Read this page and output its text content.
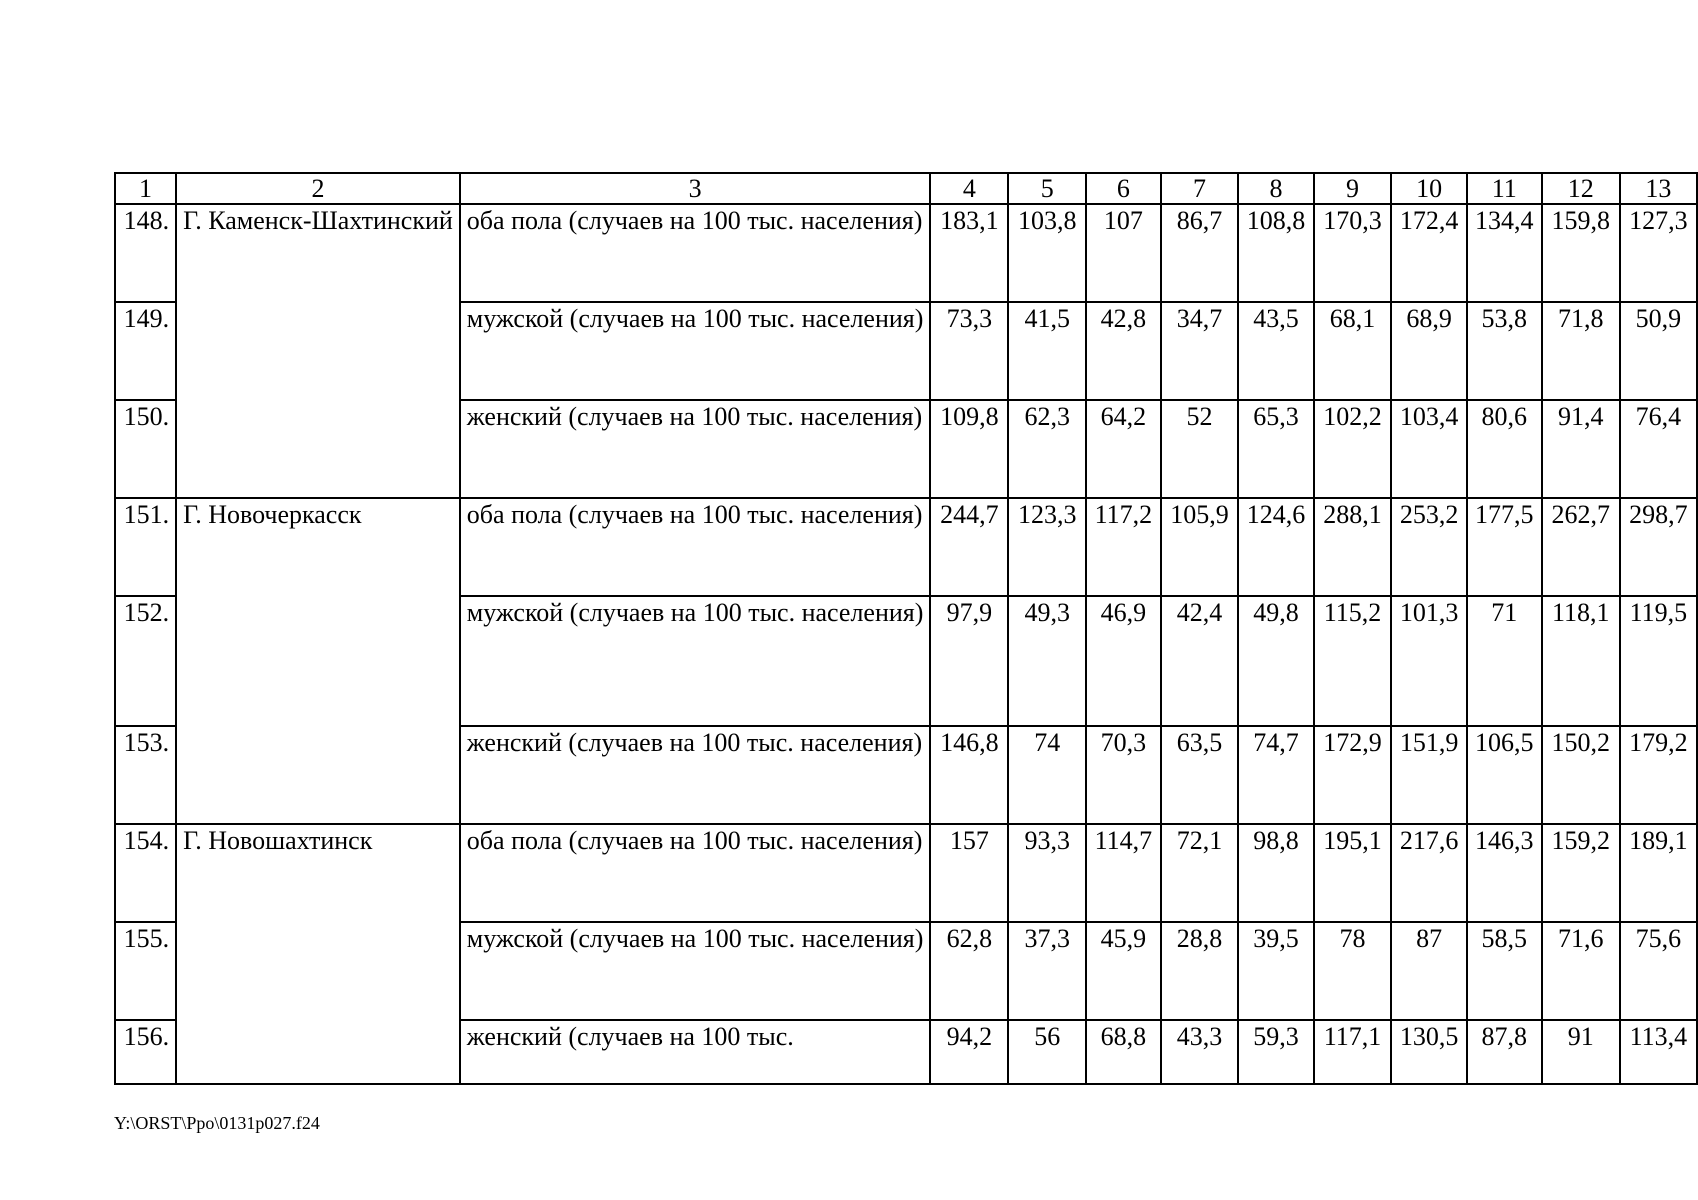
1	2	3	4	5	6	7	8	9	10	11	12	13
148.	Г. Каменск-Шахтинский	оба пола (случаев на 100 тыс. населения)	183,1	103,8	107	86,7	108,8	170,3	172,4	134,4	159,8	127,3
149.		мужской (случаев на 100 тыс. населения)	73,3	41,5	42,8	34,7	43,5	68,1	68,9	53,8	71,8	50,9
150.		женский (случаев на 100 тыс. населения)	109,8	62,3	64,2	52	65,3	102,2	103,4	80,6	91,4	76,4
151.	Г. Новочеркасск	оба пола (случаев на 100 тыс. населения)	244,7	123,3	117,2	105,9	124,6	288,1	253,2	177,5	262,7	298,7
152.		мужской (случаев на 100 тыс. населения)	97,9	49,3	46,9	42,4	49,8	115,2	101,3	71	118,1	119,5
153.		женский (случаев на 100 тыс. населения)	146,8	74	70,3	63,5	74,7	172,9	151,9	106,5	150,2	179,2
154.	Г. Новошахтинск	оба пола (случаев на 100 тыс. населения)	157	93,3	114,7	72,1	98,8	195,1	217,6	146,3	159,2	189,1
155.		мужской (случаев на 100 тыс. населения)	62,8	37,3	45,9	28,8	39,5	78	87	58,5	71,6	75,6
156.		женский (случаев на 100 тыс.	94,2	56	68,8	43,3	59,3	117,1	130,5	87,8	91	113,4
Y:\ORST\Ppo\0131p027.f24
